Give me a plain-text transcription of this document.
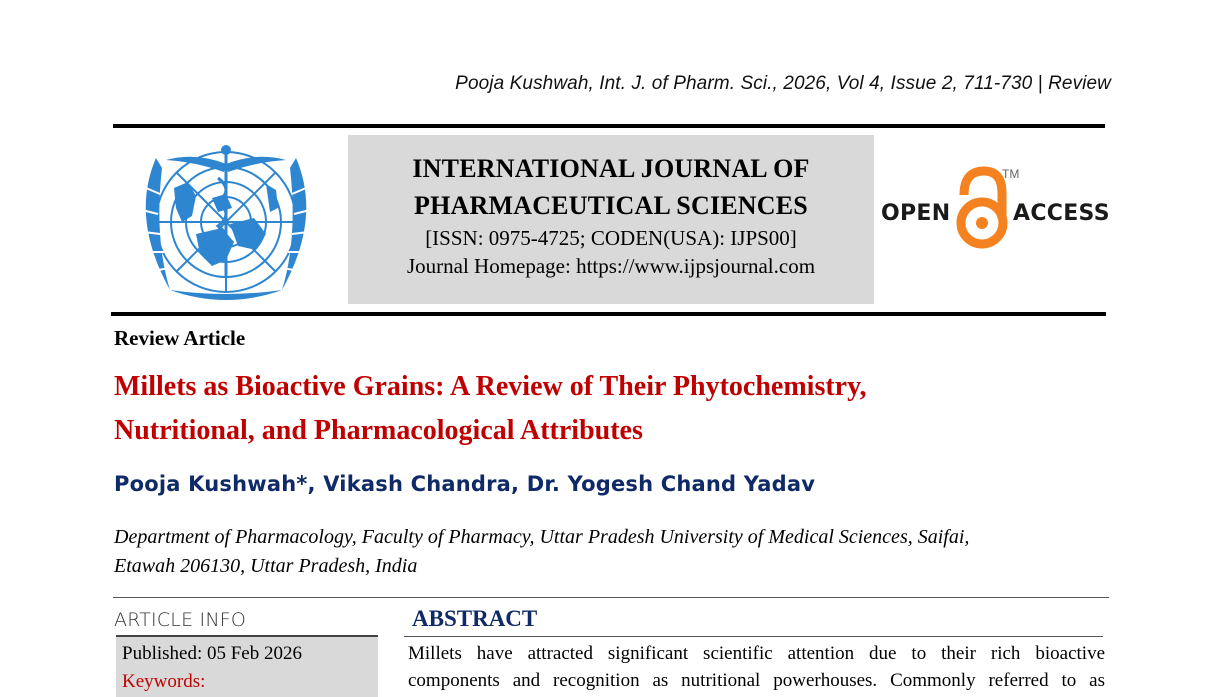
Pooja Kushwah, Int. J. of Pharm. Sci., 2026, Vol 4, Issue 2, 711-730 | Review
INTERNATIONAL JOURNAL OF
PHARMACEUTICAL SCIENCES
[ISSN: 0975-4725; CODEN(USA): IJPS00]
Journal Homepage: https://www.ijpsjournal.com
OPEN
TM
ACCESS
Review Article
Millets as Bioactive Grains: A Review of Their Phytochemistry,
Nutritional, and Pharmacological Attributes
Pooja Kushwah*, Vikash Chandra, Dr. Yogesh Chand Yadav
Department of Pharmacology, Faculty of Pharmacy, Uttar Pradesh University of Medical Sciences, Saifai,
Etawah 206130, Uttar Pradesh, India
ARTICLE INFO
Published: 05 Feb 2026
Keywords:
ABSTRACT
Millets have attracted significant scientific attention due to their rich bioactive
components and recognition as nutritional powerhouses. Commonly referred to as
